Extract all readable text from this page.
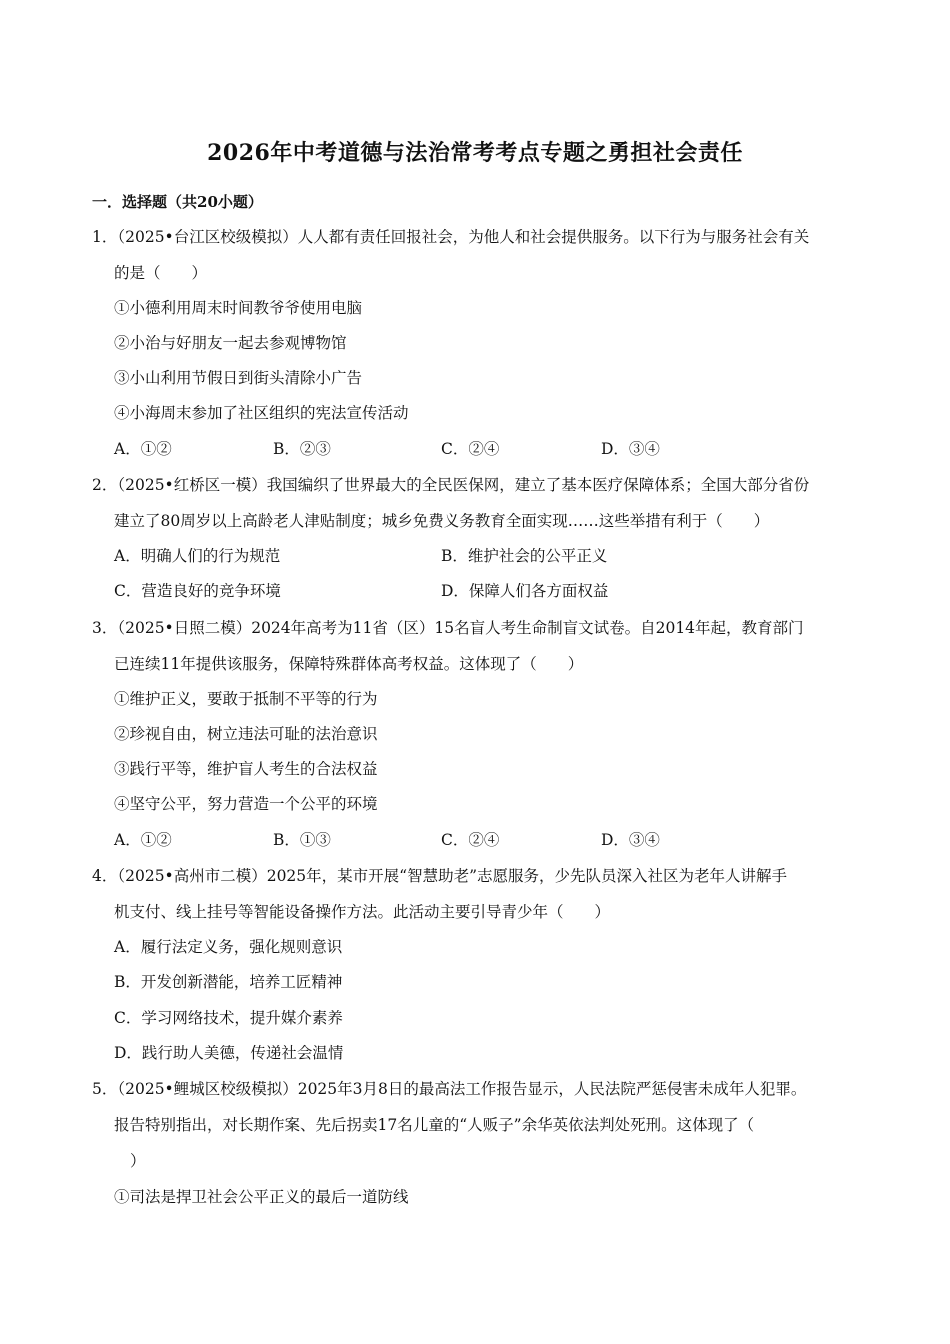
2026年中考道德与法治常考考点专题之勇担社会责任
一．选择题（共20小题）
1．（2025•台江区校级模拟）人人都有责任回报社会，为他人和社会提供服务。以下行为与服务社会有关
的是（　　）
①小德利用周末时间教爷爷使用电脑
②小治与好朋友一起去参观博物馆
③小山利用节假日到街头清除小广告
④小海周末参加了社区组织的宪法宣传活动
A．①②	B．②③	C．②④	D．③④
2．（2025•红桥区一模）我国编织了世界最大的全民医保网，建立了基本医疗保障体系；全国大部分省份
建立了80周岁以上高龄老人津贴制度；城乡免费义务教育全面实现……这些举措有利于（　　）
A．明确人们的行为规范	B．维护社会的公平正义
C．营造良好的竞争环境	D．保障人们各方面权益
3．（2025•日照二模）2024年高考为11省（区）15名盲人考生命制盲文试卷。自2014年起，教育部门
已连续11年提供该服务，保障特殊群体高考权益。这体现了（　　）
①维护正义，要敢于抵制不平等的行为
②珍视自由，树立违法可耻的法治意识
③践行平等，维护盲人考生的合法权益
④坚守公平，努力营造一个公平的环境
A．①②	B．①③	C．②④	D．③④
4．（2025•高州市二模）2025年，某市开展“智慧助老”志愿服务，少先队员深入社区为老年人讲解手
机支付、线上挂号等智能设备操作方法。此活动主要引导青少年（　　）
A．履行法定义务，强化规则意识
B．开发创新潜能，培养工匠精神
C．学习网络技术，提升媒介素养
D．践行助人美德，传递社会温情
5．（2025•鲤城区校级模拟）2025年3月8日的最高法工作报告显示，人民法院严惩侵害未成年人犯罪。
报告特别指出，对长期作案、先后拐卖17名儿童的“人贩子”余华英依法判处死刑。这体现了（
）
①司法是捍卫社会公平正义的最后一道防线
